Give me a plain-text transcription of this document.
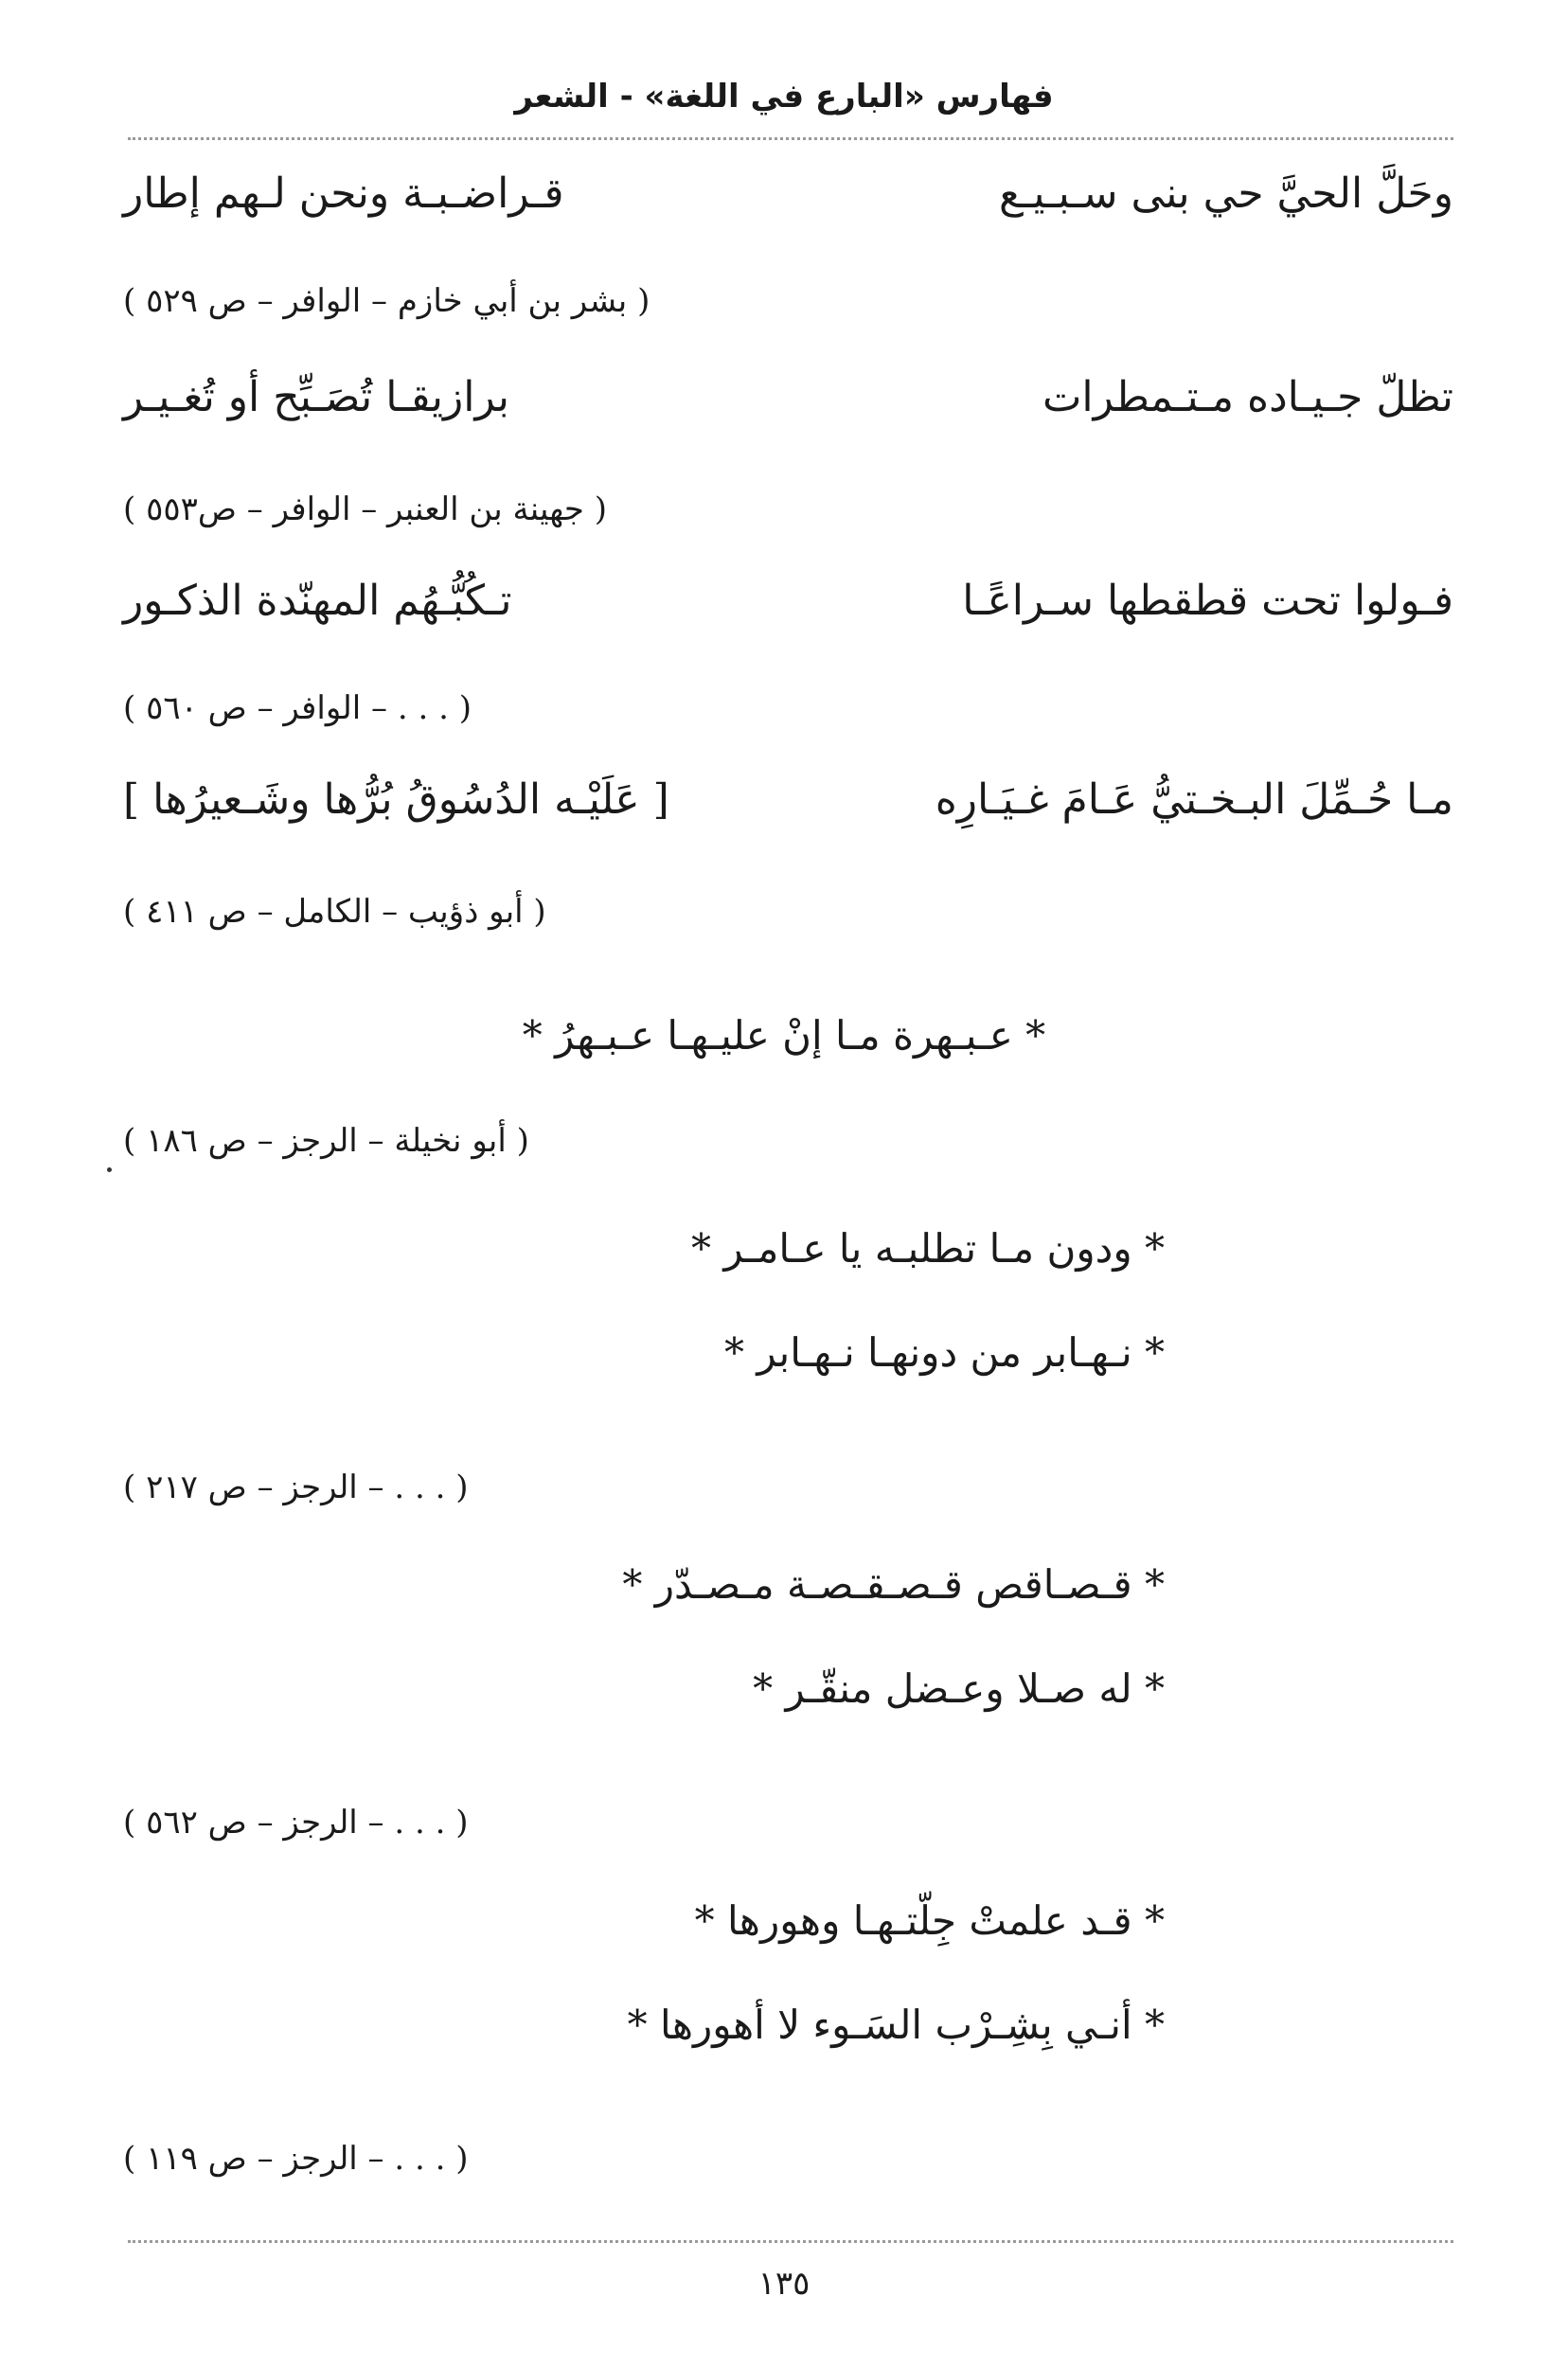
فهارس «البارع في اللغة» - الشعر
وحَلَّ الحيَّ حي بنى سـبـيـع
قـراضـبـة ونحن لـهم إطار
( بشر بن أبي خازم – الوافر – ص ٥٢٩ )
تظلّ جـيـاده مـتـمطرات
برازيقـا تُصَـبِّح أو تُغـيـر
( جهينة بن العنبر – الوافر – ص٥٥٣ )
فـولوا تحت قطقطها سـراعًـا
تـكُبُّـهُم المهنّدة الذكـور
( . . . – الوافر – ص ٥٦٠ )
مـا حُـمِّلَ البـخـتيُّ عَـامَ غـيَـارِه
[ عَلَيْـه الدُسُوقُ بُرُّها وشَـعيرُها ]
( أبو ذؤيب – الكامل – ص ٤١١ )
* عـبـهرة مـا إنْ عليـهـا عـبـهرُ *
( أبو نخيلة – الرجز – ص ١٨٦ )
* ودون مـا تطلبـه يا عـامـر *
* نـهـابر من دونهـا نـهـابر *
( . . . – الرجز – ص ٢١٧ )
* قـصـاقص قـصـقـصـة مـصـدّر *
* له صـلا وعـضل منقّـر *
( . . . – الرجز – ص ٥٦٢ )
* قـد علمتْ جِلّتـهـا وهورها *
* أنـي بِشِـرْب السَـوء لا أهورها *
( . . . – الرجز – ص ١١٩ )
١٣٥
